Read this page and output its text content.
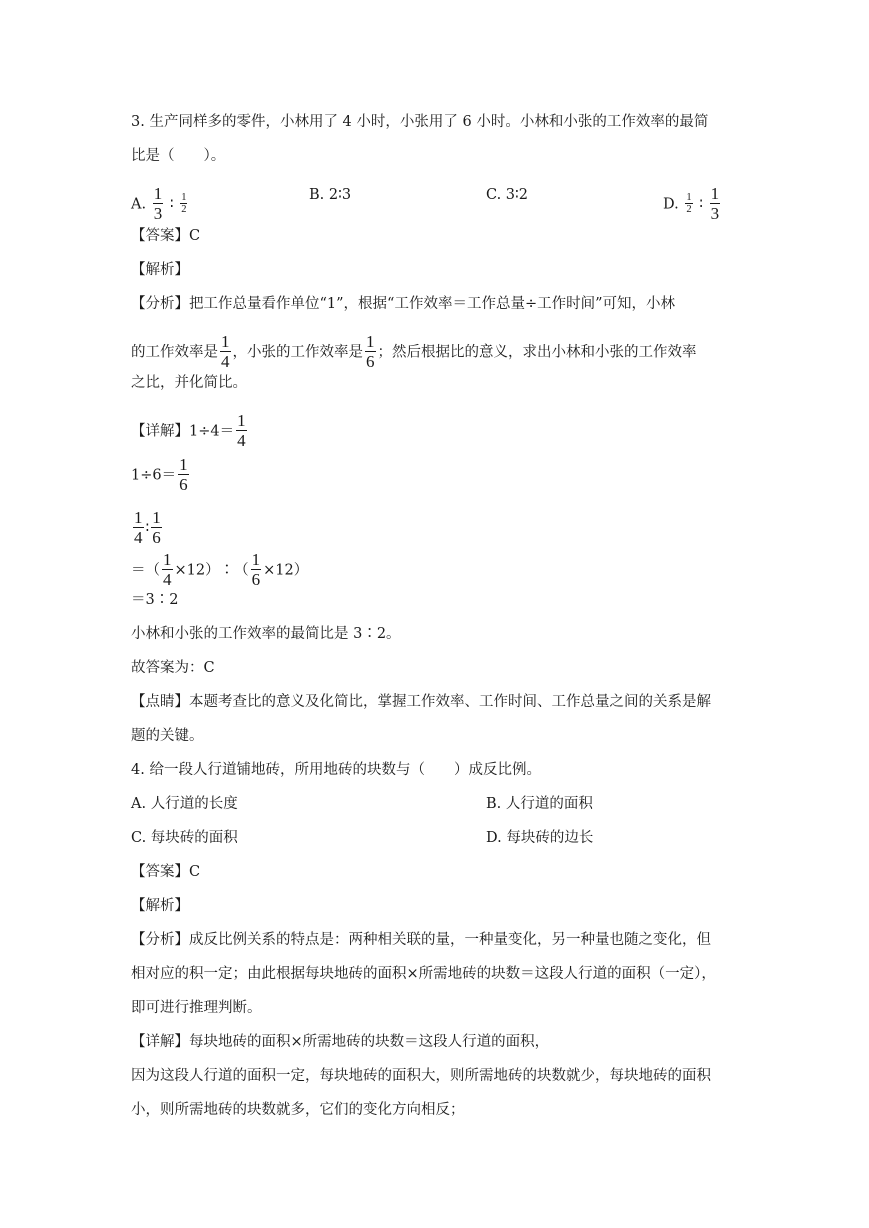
3. 生产同样多的零件，小林用了 4 小时，小张用了 6 小时。小林和小张的工作效率的最简
比是（　　）。
A. $\frac{1}{3}$ ∶ $\frac{1}{2}$	B. 2∶3	C. 3∶2
D. $\frac{1}{2}$ ∶ $\frac{1}{3}$
【答案】C
【解析】
【分析】把工作总量看作单位“1”，根据“工作效率＝工作总量÷工作时间”可知，小林
的工作效率是 $\frac{1}{4}$ ，小张的工作效率是 $\frac{1}{6}$ ；然后根据比的意义，求出小林和小张的工作效率
之比，并化简比。
【详解】$1\div 4= \frac{1}{4}$
$1\div 6= \frac{1}{6}$
$\frac{1}{4}$ ∶ $\frac{1}{6}$
＝（ $\frac{1}{4}$ ×12）∶（ $\frac{1}{6} \times 12$）
＝3∶2
小林和小张的工作效率的最简比是 3∶2。
故答案为：C
【点睛】本题考查比的意义及化简比，掌握工作效率、工作时间、工作总量之间的关系是解
题的关键。
4. 给一段人行道铺地砖，所用地砖的块数与（　　）成反比例。
A. 人行道的长度	B. 人行道的面积
C. 每块砖的面积	D. 每块砖的边长
【答案】C
【解析】
【分析】成反比例关系的特点是：两种相关联的量，一种量变化，另一种量也随之变化，但
相对应的积一定；由此根据每块地砖的面积×所需地砖的块数＝这段人行道的面积（一定），
即可进行推理判断。
【详解】每块地砖的面积×所需地砖的块数＝这段人行道的面积，
因为这段人行道的面积一定，每块地砖的面积大，则所需地砖的块数就少，每块地砖的面积
小，则所需地砖的块数就多，它们的变化方向相反；
